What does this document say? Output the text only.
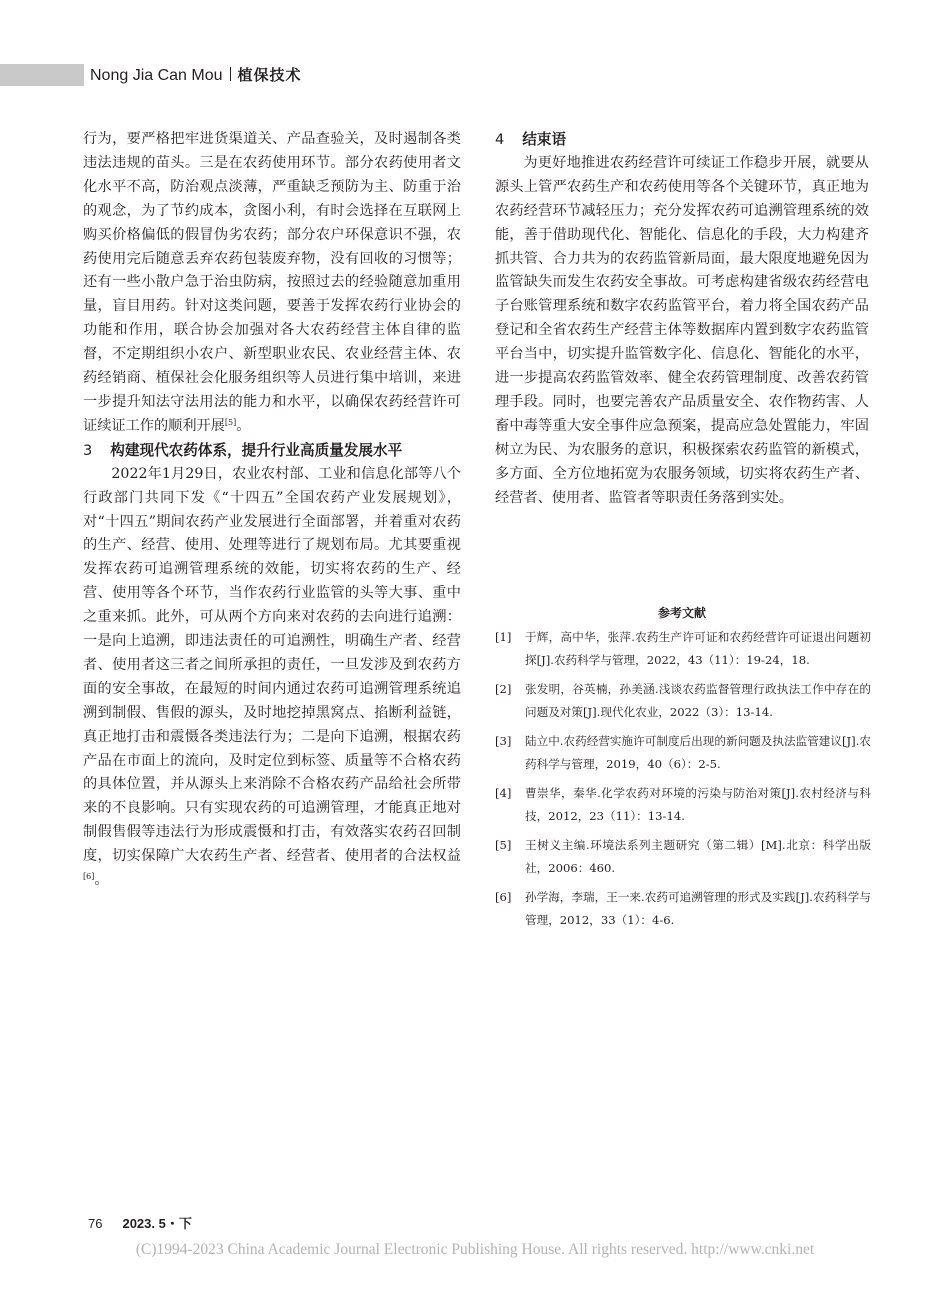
Nong Jia Can Mou 植保技术

行为，要严格把牢进货渠道关、产品查验关，及时遏制各类违法违规的苗头。三是在农药使用环节。部分农药使用者文化水平不高，防治观点淡薄，严重缺乏预防为主、防重于治的观念，为了节约成本，贪图小利，有时会选择在互联网上购买价格偏低的假冒伪劣农药；部分农户环保意识不强，农药使用完后随意丢弃农药包装废弃物，没有回收的习惯等；还有一些小散户急于治虫防病，按照过去的经验随意加重用量，盲目用药。针对这类问题，要善于发挥农药行业协会的功能和作用，联合协会加强对各大农药经营主体自律的监督，不定期组织小农户、新型职业农民、农业经营主体、农药经销商、植保社会化服务组织等人员进行集中培训，来进一步提升知法守法用法的能力和水平，以确保农药经营许可证续证工作的顺利开展[5]。

3 构建现代农药体系，提升行业高质量发展水平

2022年1月29日，农业农村部、工业和信息化部等八个行政部门共同下发《“十四五”全国农药产业发展规划》，对“十四五”期间农药产业发展进行全面部署，并着重对农药的生产、经营、使用、处理等进行了规划布局。尤其要重视发挥农药可追溯管理系统的效能，切实将农药的生产、经营、使用等各个环节，当作农药行业监管的头等大事、重中之重来抓。此外，可从两个方向来对农药的去向进行追溯：一是向上追溯，即违法责任的可追溯性，明确生产者、经营者、使用者这三者之间所承担的责任，一旦发涉及到农药方面的安全事故，在最短的时间内通过农药可追溯管理系统追溯到制假、售假的源头，及时地挖掉黑窝点、掐断利益链，真正地打击和震慑各类违法行为；二是向下追溯，根据农药产品在市面上的流向，及时定位到标签、质量等不合格农药的具体位置，并从源头上来消除不合格农药产品给社会所带来的不良影响。只有实现农药的可追溯管理，才能真正地对制假售假等违法行为形成震慑和打击，有效落实农药召回制度，切实保障广大农药生产者、经营者、使用者的合法权益[6]。

4 结束语

为更好地推进农药经营许可续证工作稳步开展，就要从源头上管严农药生产和农药使用等各个关键环节，真正地为农药经营环节减轻压力；充分发挥农药可追溯管理系统的效能，善于借助现代化、智能化、信息化的手段，大力构建齐抓共管、合力共为的农药监管新局面，最大限度地避免因为监管缺失而发生农药安全事故。可考虑构建省级农药经营电子台账管理系统和数字农药监管平台，着力将全国农药产品登记和全省农药生产经营主体等数据库内置到数字农药监管平台当中，切实提升监管数字化、信息化、智能化的水平，进一步提高农药监管效率、健全农药管理制度、改善农药管理手段。同时，也要完善农产品质量安全、农作物药害、人畜中毒等重大安全事件应急预案，提高应急处置能力，牢固树立为民、为农服务的意识，积极探索农药监管的新模式，多方面、全方位地拓宽为农服务领域，切实将农药生产者、经营者、使用者、监管者等职责任务落到实处。

参考文献
[1]	于辉，高中华，张萍.农药生产许可证和农药经营许可证退出问题初探[J].农药科学与管理，2022，43（11）：19-24，18.
[2]	张发明，谷英楠，孙美涵.浅谈农药监督管理行政执法工作中存在的问题及对策[J].现代化农业，2022（3）：13-14.
[3]	陆立中.农药经营实施许可制度后出现的新问题及执法监管建议[J].农药科学与管理，2019，40（6）：2-5.
[4]	曹崇华，秦华.化学农药对环境的污染与防治对策[J].农村经济与科技，2012，23（11）：13-14.
[5]	王树义主编.环境法系列主题研究（第二辑）[M].北京：科学出版社，2006：460.
[6]	孙学海，李瑞，王一来.农药可追溯管理的形式及实践[J].农药科学与管理，2012，33（1）：4-6.
76 2023. 5・下
(C)1994-2023 China Academic Journal Electronic Publishing House. All rights reserved. http://www.cnki.net
